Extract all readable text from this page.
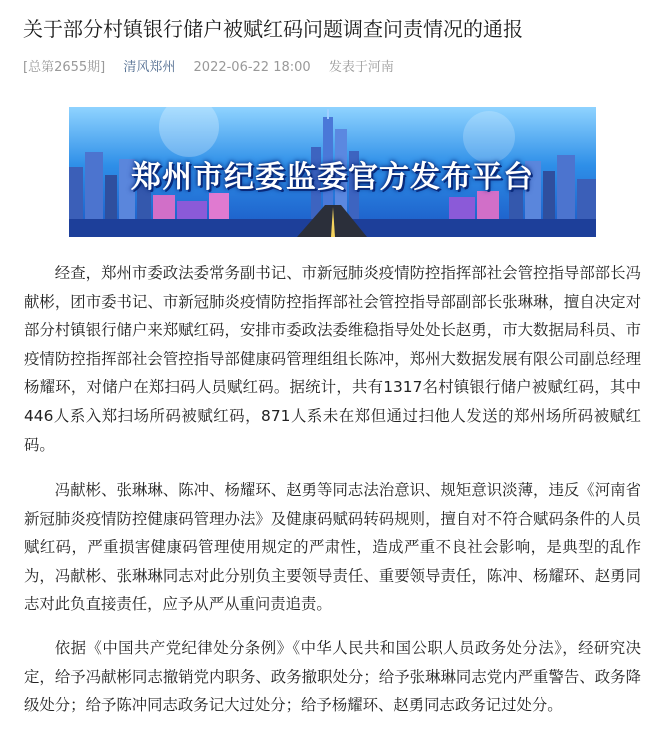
关于部分村镇银行储户被赋红码问题调查问责情况的通报
[总第2655期] 清风郑州 2022-06-22 18:00 发表于河南
郑州市纪委监委官方发布平台

经查，郑州市委政法委常务副书记、市新冠肺炎疫情防控指挥部社会管控指导部部长冯献彬，团市委书记、市新冠肺炎疫情防控指挥部社会管控指导部副部长张琳琳，擅自决定对部分村镇银行储户来郑赋红码，安排市委政法委维稳指导处处长赵勇，市大数据局科员、市疫情防控指挥部社会管控指导部健康码管理组组长陈冲，郑州大数据发展有限公司副总经理杨耀环，对储户在郑扫码人员赋红码。据统计，共有1317名村镇银行储户被赋红码，其中446人系入郑扫场所码被赋红码，871人系未在郑但通过扫他人发送的郑州场所码被赋红码。

冯献彬、张琳琳、陈冲、杨耀环、赵勇等同志法治意识、规矩意识淡薄，违反《河南省新冠肺炎疫情防控健康码管理办法》及健康码赋码转码规则，擅自对不符合赋码条件的人员赋红码，严重损害健康码管理使用规定的严肃性，造成严重不良社会影响，是典型的乱作为，冯献彬、张琳琳同志对此分别负主要领导责任、重要领导责任，陈冲、杨耀环、赵勇同志对此负直接责任，应予从严从重问责追责。

依据《中国共产党纪律处分条例》《中华人民共和国公职人员政务处分法》，经研究决定，给予冯献彬同志撤销党内职务、政务撤职处分；给予张琳琳同志党内严重警告、政务降级处分；给予陈冲同志政务记大过处分；给予杨耀环、赵勇同志政务记过处分。
